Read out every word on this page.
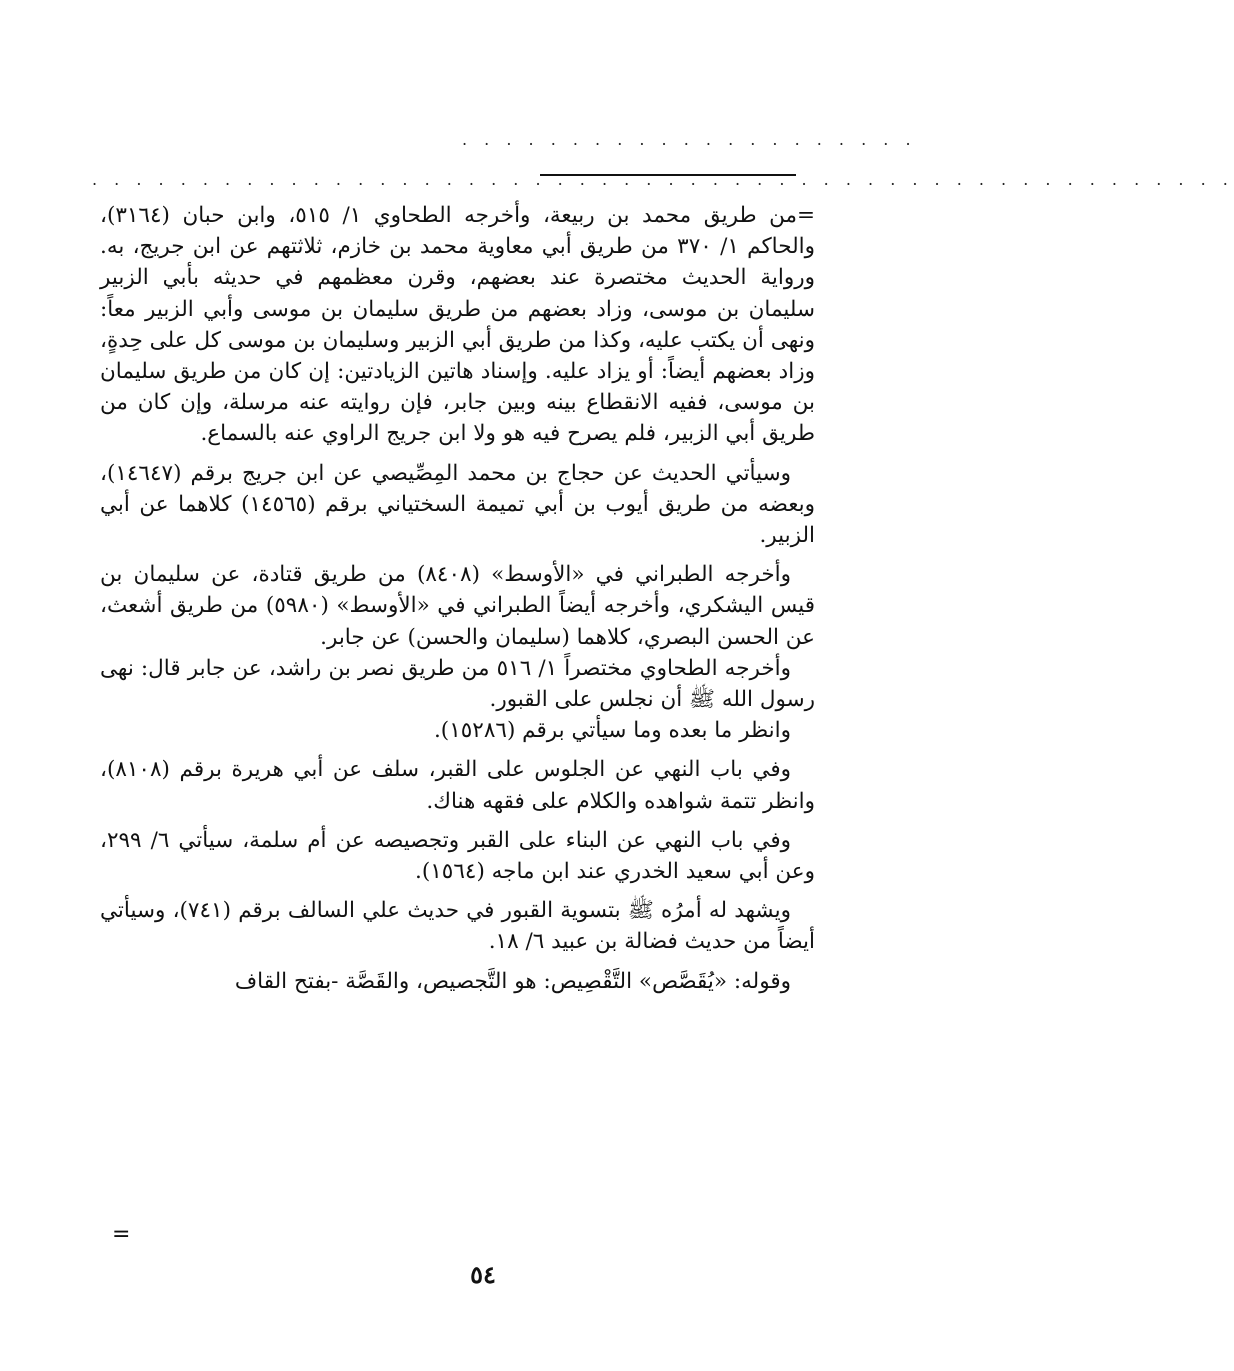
. . . . . . . . . . . . . . . . . . . . .
. . . . . . . . . . . . . . . . . . . . . . . . . . . . . . . . . . . . . . . . . . . . . . . . . . . .

=من طريق محمد بن ربيعة، وأخرجه الطحاوي ١/ ٥١٥، وابن حبان (٣١٦٤)، والحاكم ١/ ٣٧٠ من طريق أبي معاوية محمد بن خازم، ثلاثتهم عن ابن جريج، به. ورواية الحديث مختصرة عند بعضهم، وقرن معظمهم في حديثه بأبي الزبير سليمان بن موسى، وزاد بعضهم من طريق سليمان بن موسى وأبي الزبير معاً: ونهى أن يكتب عليه، وكذا من طريق أبي الزبير وسليمان بن موسى كل على حِدةٍ، وزاد بعضهم أيضاً: أو يزاد عليه. وإسناد هاتين الزيادتين: إن كان من طريق سليمان بن موسى، ففيه الانقطاع بينه وبين جابر، فإن روايته عنه مرسلة، وإن كان من طريق أبي الزبير، فلم يصرح فيه هو ولا ابن جريج الراوي عنه بالسماع.

وسيأتي الحديث عن حجاج بن محمد المِصِّيصي عن ابن جريج برقم (١٤٦٤٧)، وبعضه من طريق أيوب بن أبي تميمة السختياني برقم (١٤٥٦٥) كلاهما عن أبي الزبير.

وأخرجه الطبراني في «الأوسط» (٨٤٠٨) من طريق قتادة، عن سليمان بن قيس اليشكري، وأخرجه أيضاً الطبراني في «الأوسط» (٥٩٨٠) من طريق أشعث، عن الحسن البصري، كلاهما (سليمان والحسن) عن جابر.

وأخرجه الطحاوي مختصراً ١/ ٥١٦ من طريق نصر بن راشد، عن جابر قال: نهى رسول الله ﷺ أن نجلس على القبور.

وانظر ما بعده وما سيأتي برقم (١٥٢٨٦).

وفي باب النهي عن الجلوس على القبر، سلف عن أبي هريرة برقم (٨١٠٨)، وانظر تتمة شواهده والكلام على فقهه هناك.

وفي باب النهي عن البناء على القبر وتجصيصه عن أم سلمة، سيأتي ٦/ ٢٩٩، وعن أبي سعيد الخدري عند ابن ماجه (١٥٦٤).

ويشهد له أمرُه ﷺ بتسوية القبور في حديث علي السالف برقم (٧٤١)، وسيأتي أيضاً من حديث فضالة بن عبيد ٦/ ١٨.

وقوله: «يُقَصَّص» التَّقْصِيص: هو التَّجصيص، والقَصَّة -بفتح القاف

=
٥٤
